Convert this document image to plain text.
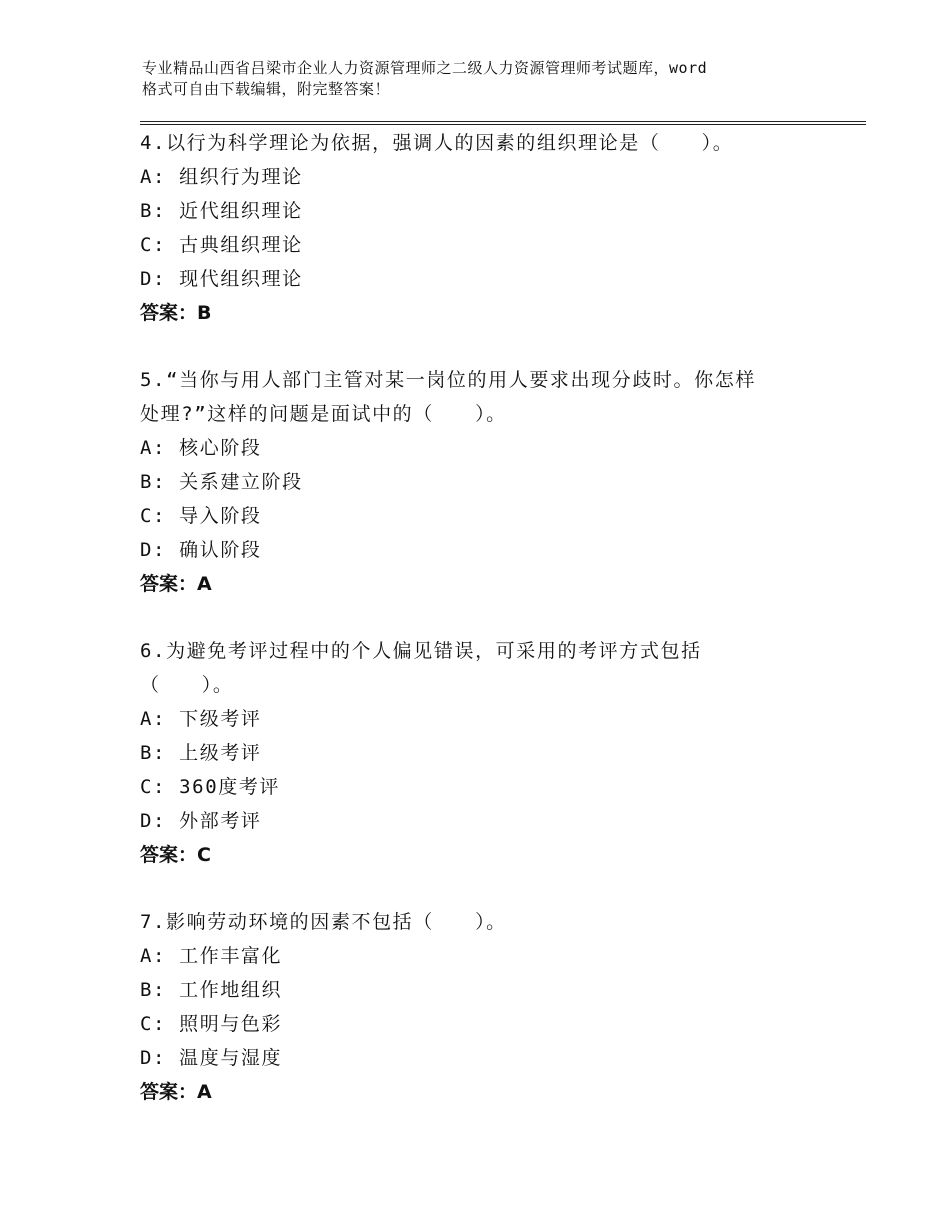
专业精品山西省吕梁市企业人力资源管理师之二级人力资源管理师考试题库，word
格式可自由下载编辑，附完整答案！

4.以行为科学理论为依据，强调人的因素的组织理论是（　　）。

A: 组织行为理论

B: 近代组织理论

C: 古典组织理论

D: 现代组织理论

答案：B

5.“当你与用人部门主管对某一岗位的用人要求出现分歧时。你怎样

处理?”这样的问题是面试中的（　　）。

A: 核心阶段

B: 关系建立阶段

C: 导入阶段

D: 确认阶段

答案：A

6.为避免考评过程中的个人偏见错误，可采用的考评方式包括

（　　）。

A: 下级考评

B: 上级考评

C: 360度考评

D: 外部考评

答案：C

7.影响劳动环境的因素不包括（　　）。

A: 工作丰富化

B: 工作地组织

C: 照明与色彩

D: 温度与湿度

答案：A
